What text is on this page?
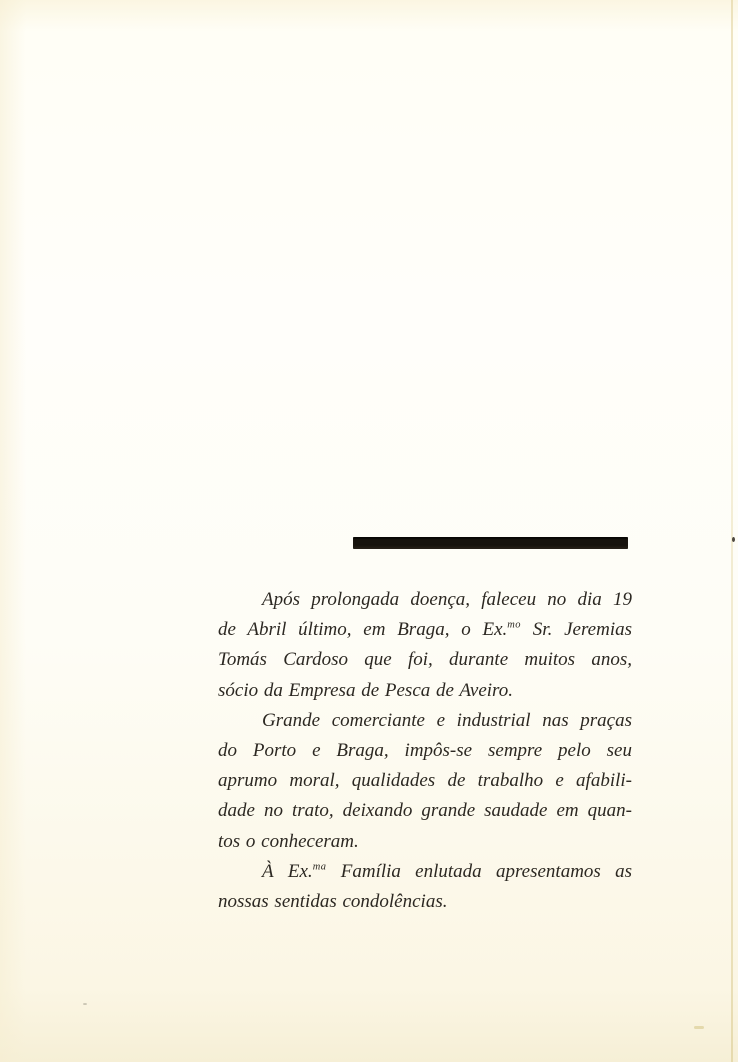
Após prolongada doença, faleceu no dia 19
de Abril último, em Braga, o Ex.$^{mo}$ Sr. Jeremias
Tomás Cardoso que foi, durante muitos anos,
sócio da Empresa de Pesca de Aveiro.
Grande comerciante e industrial nas praças
do Porto e Braga, impôs-se sempre pelo seu
aprumo moral, qualidades de trabalho e afabili-
dade no trato, deixando grande saudade em quan-
tos o conheceram.
À Ex.$^{ma}$ Família enlutada apresentamos as
nossas sentidas condolências.
